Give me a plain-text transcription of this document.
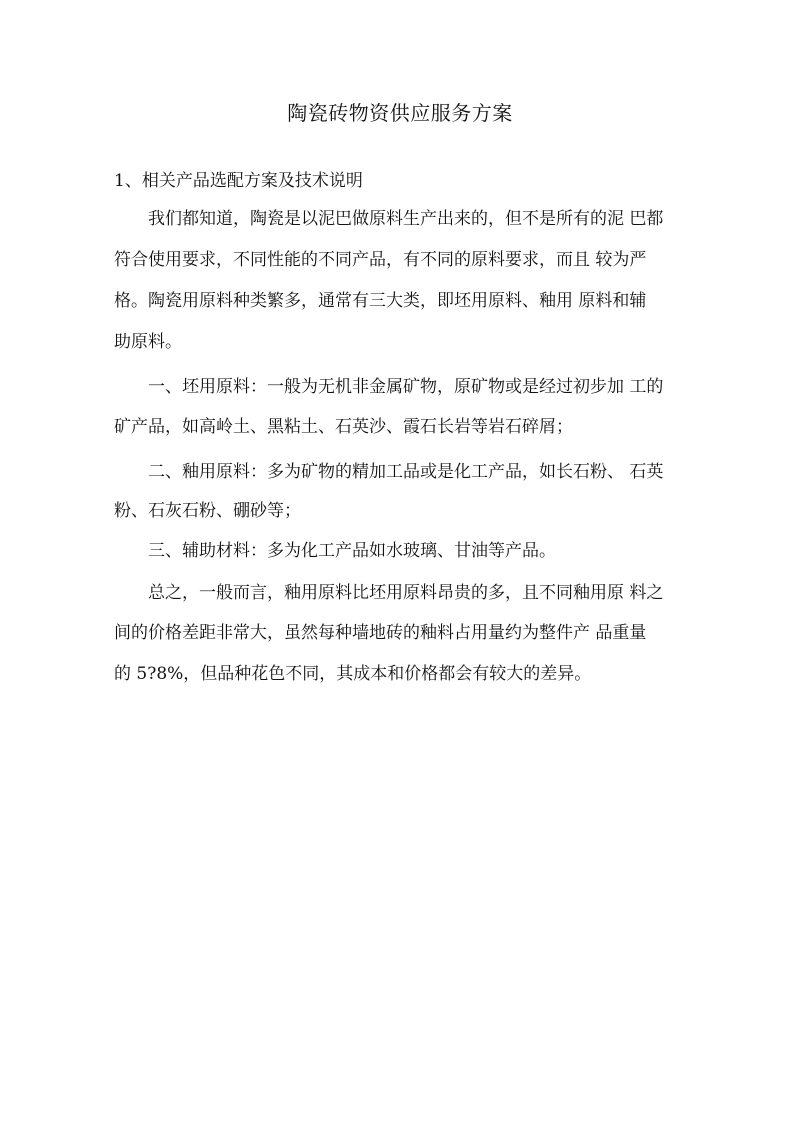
陶瓷砖物资供应服务方案
1、相关产品选配方案及技术说明
我们都知道，陶瓷是以泥巴做原料生产出来的，但不是所有的泥 巴都
符合使用要求，不同性能的不同产品，有不同的原料要求，而且 较为严
格。陶瓷用原料种类繁多，通常有三大类，即坯用原料、釉用 原料和辅
助原料。
一、坯用原料：一般为无机非金属矿物，原矿物或是经过初步加 工的
矿产品，如高岭土、黑粘土、石英沙、霞石长岩等岩石碎屑；
二、釉用原料：多为矿物的精加工品或是化工产品，如长石粉、 石英
粉、石灰石粉、硼砂等；
三、辅助材料：多为化工产品如水玻璃、甘油等产品。
总之，一般而言，釉用原料比坯用原料昂贵的多，且不同釉用原 料之
间的价格差距非常大，虽然每种墙地砖的釉料占用量约为整件产 品重量
的 5?8%，但品种花色不同，其成本和价格都会有较大的差异。
